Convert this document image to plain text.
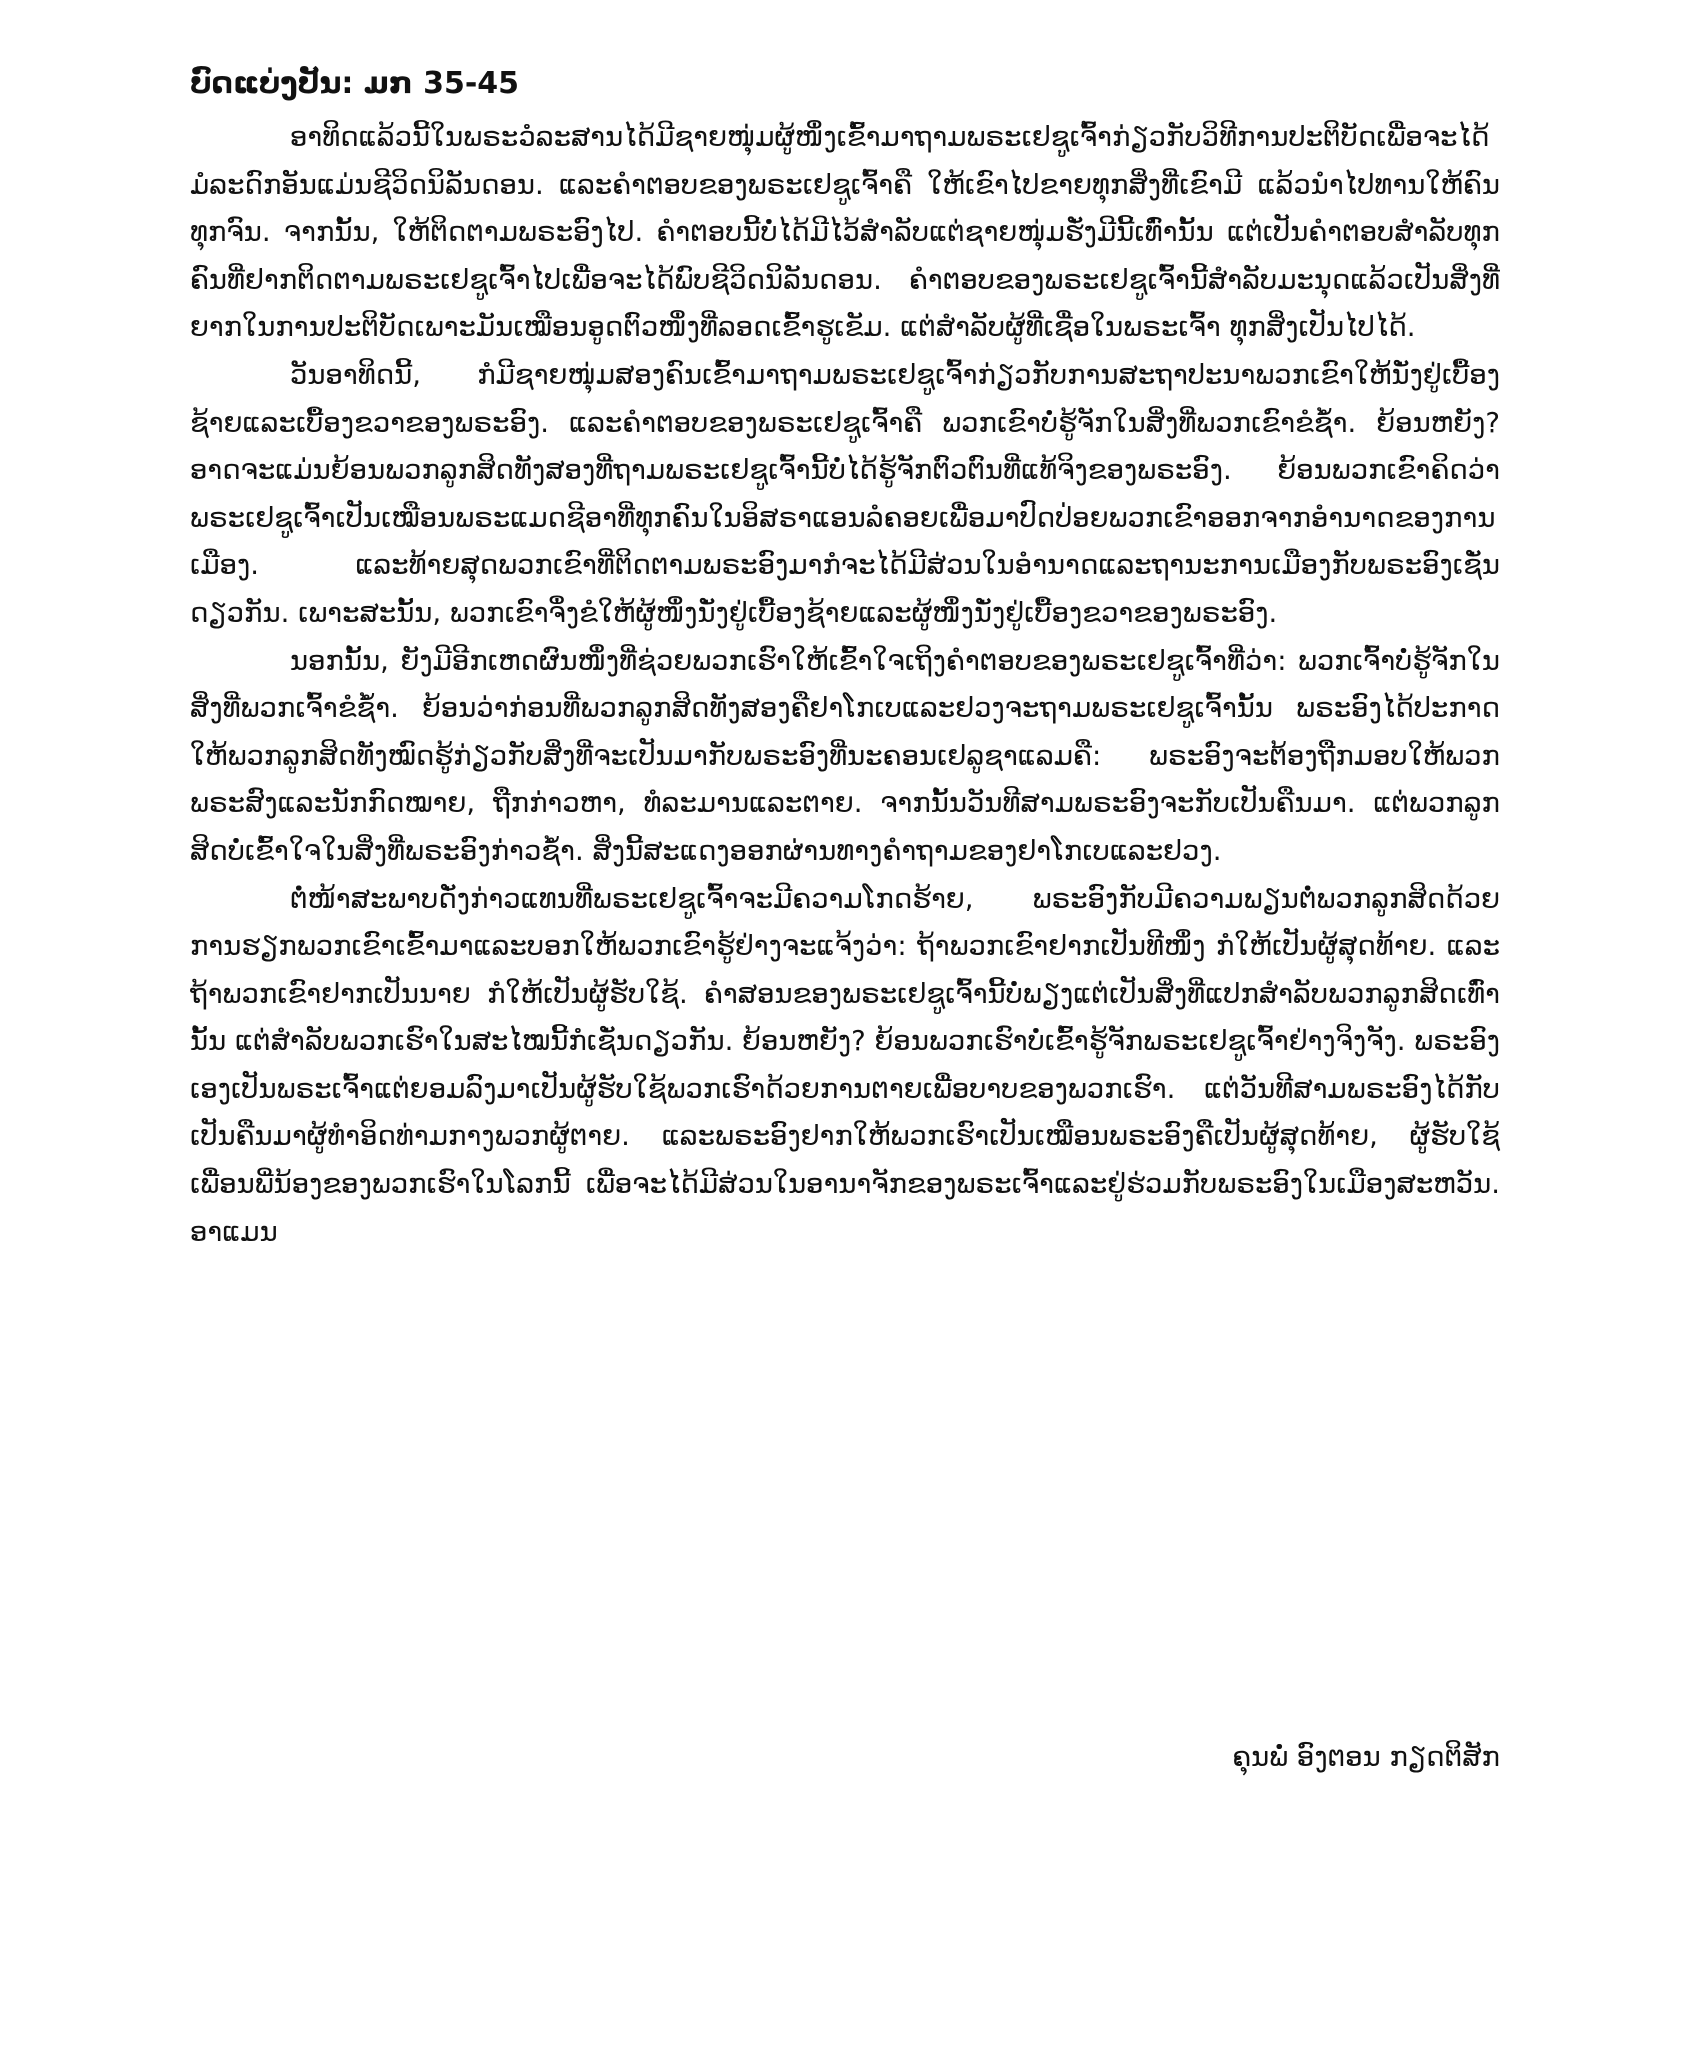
ບົດແບ່ງປັນ: ມກ 35-45

ອາທິດແລ້ວນີ້ໃນພຣະວໍລະສານໄດ້ມີຊາຍໜຸ່ມຜູ້ໜຶ່ງເຂົ້າມາຖາມພຣະເຢຊູເຈົ້າກ່ຽວກັບວິທີການປະຕິບັດເພື່ອຈະໄດ້ມໍລະດົກອັນແມ່ນຊີວິດນິລັນດອນ. ແລະຄຳຕອບຂອງພຣະເຢຊູເຈົ້າຄື ໃຫ້ເຂົາໄປຂາຍທຸກສິ່ງທີ່ເຂົາມີ ແລ້ວນຳໄປທານໃຫ້ຄົນທຸກຈົນ. ຈາກນັ້ນ, ໃຫ້ຕິດຕາມພຣະອົງໄປ. ຄຳຕອບນີ້ບໍ່ໄດ້ມີໄວ້ສຳລັບແຕ່ຊາຍໜຸ່ມຮັ່ງມີນີ້ເທົ່ານັ້ນ ແຕ່ເປັນຄຳຕອບສຳລັບທຸກຄົນທີ່ຢາກຕິດຕາມພຣະເຢຊູເຈົ້າໄປເພື່ອຈະໄດ້ພົບຊີວິດນິລັນດອນ. ຄຳຕອບຂອງພຣະເຢຊູເຈົ້ານີ້ສຳລັບມະນຸດແລ້ວເປັນສິ່ງທີ່ຍາກໃນການປະຕິບັດເພາະມັນເໝືອນອູດຕົວໜຶ່ງທີ່ລອດເຂົ້າຮູເຂັມ. ແຕ່ສຳລັບຜູ້ທີ່ເຊື່ອໃນພຣະເຈົ້າ ທຸກສິ່ງເປັນໄປໄດ້.

ວັນອາທິດນີ້, ກໍມີຊາຍໜຸ່ມສອງຄົນເຂົ້າມາຖາມພຣະເຢຊູເຈົ້າກ່ຽວກັບການສະຖາປະນາພວກເຂົາໃຫ້ນັ່ງຢູ່ເບື້ອງຊ້າຍແລະເບື້ອງຂວາຂອງພຣະອົງ. ແລະຄຳຕອບຂອງພຣະເຢຊູເຈົ້າຄື ພວກເຂົາບໍ່ຮູ້ຈັກໃນສິ່ງທີ່ພວກເຂົາຂໍຊ້ຳ. ຍ້ອນຫຍັງ? ອາດຈະແມ່ນຍ້ອນພວກລູກສິດທັງສອງທີ່ຖາມພຣະເຢຊູເຈົ້ານີ້ບໍ່ໄດ້ຮູ້ຈັກຕົວຕົນທີ່ແທ້ຈິງຂອງພຣະອົງ. ຍ້ອນພວກເຂົາຄິດວ່າ ພຣະເຢຊູເຈົ້າເປັນເໝືອນພຣະແມດຊີອາທີ່ທຸກຄົນໃນອິສຣາແອນລໍຄອຍເພື່ອມາປົດປ່ອຍພວກເຂົາອອກຈາກອຳນາດຂອງການເມືອງ. ແລະທ້າຍສຸດພວກເຂົາທີ່ຕິດຕາມພຣະອົງມາກໍຈະໄດ້ມີສ່ວນໃນອຳນາດແລະຖານະການເມືອງກັບພຣະອົງເຊັ່ນດຽວກັນ. ເພາະສະນັ້ນ, ພວກເຂົາຈຶ່ງຂໍໃຫ້ຜູ້ໜຶ່ງນັ່ງຢູ່ເບື້ອງຊ້າຍແລະຜູ້ໜຶ່ງນັ່ງຢູ່ເບື້ອງຂວາຂອງພຣະອົງ.

ນອກນັ້ນ, ຍັງມີອີກເຫດຜົນໜຶ່ງທີ່ຊ່ວຍພວກເຮົາໃຫ້ເຂົ້າໃຈເຖິງຄຳຕອບຂອງພຣະເຢຊູເຈົ້າທີ່ວ່າ: ພວກເຈົ້າບໍ່ຮູ້ຈັກໃນສິ່ງທີ່ພວກເຈົ້າຂໍຊ້ຳ. ຍ້ອນວ່າກ່ອນທີ່ພວກລູກສິດທັງສອງຄືຢາໂກເບແລະຢວງຈະຖາມພຣະເຢຊູເຈົ້ານັ້ນ ພຣະອົງໄດ້ປະກາດໃຫ້ພວກລູກສິດທັງໝົດຮູ້ກ່ຽວກັບສິ່ງທີ່ຈະເປັນມາກັບພຣະອົງທີ່ນະຄອນເຢລູຊາແລມຄື: ພຣະອົງຈະຕ້ອງຖືກມອບໃຫ້ພວກພຣະສົງແລະນັກກົດໝາຍ, ຖືກກ່າວຫາ, ທໍລະມານແລະຕາຍ. ຈາກນັ້ນວັນທີສາມພຣະອົງຈະກັບເປັນຄືນມາ. ແຕ່ພວກລູກສິດບໍ່ເຂົ້າໃຈໃນສິ່ງທີ່ພຣະອົງກ່າວຊ້ຳ. ສິ່ງນີ້ສະແດງອອກຜ່ານທາງຄຳຖາມຂອງຢາໂກເບແລະຢວງ.

ຕໍ່ໜ້າສະພາບດັ່ງກ່າວແທນທີ່ພຣະເຢຊູເຈົ້າຈະມີຄວາມໂກດຮ້າຍ, ພຣະອົງກັບມີຄວາມພຽນຕໍ່ພວກລູກສິດດ້ວຍການຮຽກພວກເຂົາເຂົ້າມາແລະບອກໃຫ້ພວກເຂົາຮູ້ຢ່າງຈະແຈ້ງວ່າ: ຖ້າພວກເຂົາຢາກເປັນທີໜຶ່ງ ກໍໃຫ້ເປັນຜູ້ສຸດທ້າຍ. ແລະຖ້າພວກເຂົາຢາກເປັນນາຍ ກໍໃຫ້ເປັນຜູ້ຮັບໃຊ້. ຄຳສອນຂອງພຣະເຢຊູເຈົ້ານີ້ບໍ່ພຽງແຕ່ເປັນສິ່ງທີ່ແປກສຳລັບພວກລູກສິດເທົ່ານັ້ນ ແຕ່ສຳລັບພວກເຮົາໃນສະໄໝນີ້ກໍເຊັ່ນດຽວກັນ. ຍ້ອນຫຍັງ? ຍ້ອນພວກເຮົາບໍ່ເຂົ້າຮູ້ຈັກພຣະເຢຊູເຈົ້າຢ່າງຈິງຈັງ. ພຣະອົງເອງເປັນພຣະເຈົ້າແຕ່ຍອມລົງມາເປັນຜູ້ຮັບໃຊ້ພວກເຮົາດ້ວຍການຕາຍເພື່ອບາບຂອງພວກເຮົາ. ແຕ່ວັນທີສາມພຣະອົງໄດ້ກັບເປັນຄືນມາຜູ້ທຳອິດທ່າມກາງພວກຜູ້ຕາຍ. ແລະພຣະອົງຢາກໃຫ້ພວກເຮົາເປັນເໝືອນພຣະອົງຄືເປັນຜູ້ສຸດທ້າຍ, ຜູ້ຮັບໃຊ້ເພື່ອນພີ່ນ້ອງຂອງພວກເຮົາໃນໂລກນີ້ ເພື່ອຈະໄດ້ມີສ່ວນໃນອານາຈັກຂອງພຣະເຈົ້າແລະຢູ່ຮ່ວມກັບພຣະອົງໃນເມືອງສະຫວັນ. ອາແມນ

ຄຸນພໍ່ ອົງຕອນ ກຽດຕິສັກ
